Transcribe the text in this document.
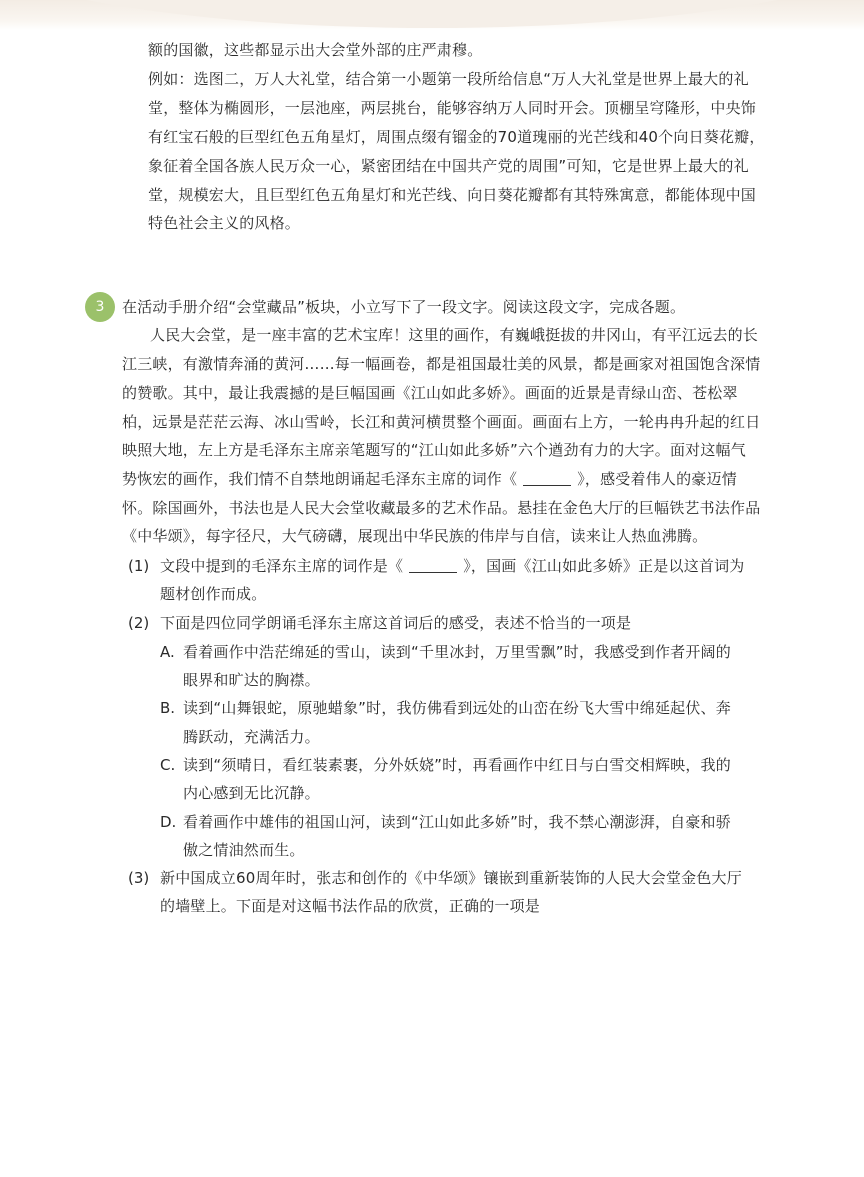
额的国徽，这些都显示出大会堂外部的庄严肃穆。
例如：选图二，万人大礼堂，结合第一小题第一段所给信息“万人大礼堂是世界上最大的礼
堂，整体为椭圆形，一层池座，两层挑台，能够容纳万人同时开会。顶棚呈穹隆形，中央饰
有红宝石般的巨型红色五角星灯，周围点缀有镏金的70道瑰丽的光芒线和40个向日葵花瓣，
象征着全国各族人民万众一心，紧密团结在中国共产党的周围”可知，它是世界上最大的礼
堂，规模宏大，且巨型红色五角星灯和光芒线、向日葵花瓣都有其特殊寓意，都能体现中国
特色社会主义的风格。
3	在活动手册介绍“会堂藏品”板块，小立写下了一段文字。阅读这段文字，完成各题。
人民大会堂，是一座丰富的艺术宝库！这里的画作，有巍峨挺拔的井冈山，有平江远去的长
江三峡，有激情奔涌的黄河……每一幅画卷，都是祖国最壮美的风景，都是画家对祖国饱含深情
的赞歌。其中，最让我震撼的是巨幅国画《江山如此多娇》。画面的近景是青绿山峦、苍松翠
柏，远景是茫茫云海、冰山雪岭，长江和黄河横贯整个画面。画面右上方，一轮冉冉升起的红日
映照大地，左上方是毛泽东主席亲笔题写的“江山如此多娇”六个遒劲有力的大字。面对这幅气
势恢宏的画作，我们情不自禁地朗诵起毛泽东主席的词作《	》，感受着伟人的豪迈情
怀。除国画外，书法也是人民大会堂收藏最多的艺术作品。悬挂在金色大厅的巨幅铁艺书法作品
《中华颂》，每字径尺，大气磅礴，展现出中华民族的伟岸与自信，读来让人热血沸腾。
(1) 文段中提到的毛泽东主席的词作是《	》，国画《江山如此多娇》正是以这首词为
题材创作而成。
(2) 下面是四位同学朗诵毛泽东主席这首词后的感受，表述不恰当的一项是
A. 看着画作中浩茫绵延的雪山，读到“千里冰封，万里雪飘”时，我感受到作者开阔的
眼界和旷达的胸襟。
B. 读到“山舞银蛇，原驰蜡象”时，我仿佛看到远处的山峦在纷飞大雪中绵延起伏、奔
腾跃动，充满活力。
C. 读到“须晴日，看红装素裹，分外妖娆”时，再看画作中红日与白雪交相辉映，我的
内心感到无比沉静。
D. 看着画作中雄伟的祖国山河，读到“江山如此多娇”时，我不禁心潮澎湃，自豪和骄
傲之情油然而生。
(3) 新中国成立60周年时，张志和创作的《中华颂》镶嵌到重新装饰的人民大会堂金色大厅
的墙壁上。下面是对这幅书法作品的欣赏，正确的一项是
